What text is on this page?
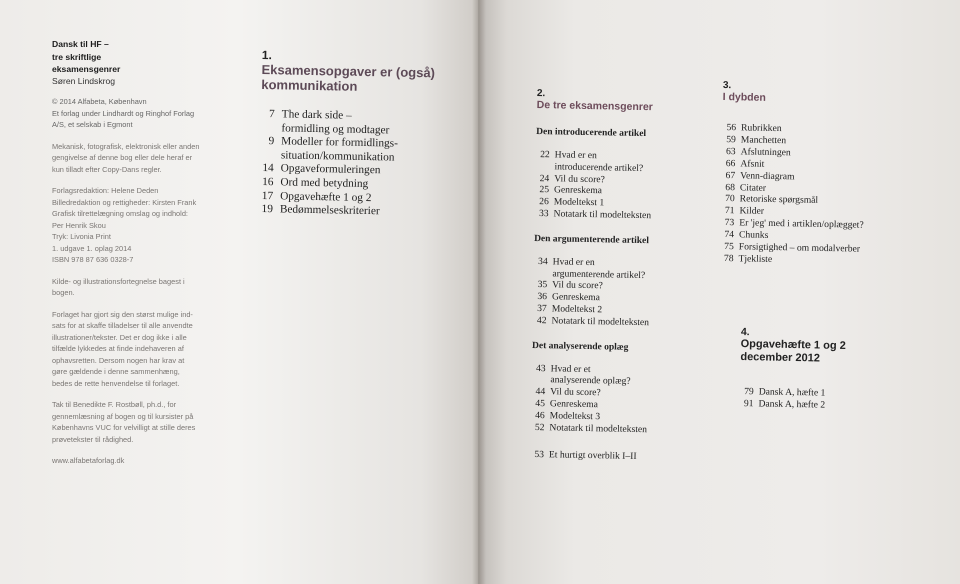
Dansk til HF –
tre skriftlige
eksamensgenrer
Søren Lindskrog

© 2014 Alfabeta, København
Et forlag under Lindhardt og Ringhof Forlag
A/S, et selskab i Egmont

Mekanisk, fotografisk, elektronisk eller anden
gengivelse af denne bog eller dele heraf er
kun tilladt efter Copy-Dans regler.

Forlagsredaktion: Helene Deden
Billedredaktion og rettigheder: Kirsten Frank
Grafisk tilrettelægning omslag og indhold:
Per Henrik Skou
Tryk: Livonia Print
1. udgave 1. oplag 2014
ISBN 978 87 636 0328-7

Kilde- og illustrationsfortegnelse bagest i
bogen.

Forlaget har gjort sig den størst mulige ind-
sats for at skaffe tilladelser til alle anvendte
illustrationer/tekster. Det er dog ikke i alle
tilfælde lykkedes at finde indehaveren af
ophavsretten. Dersom nogen har krav at
gøre gældende i denne sammenhæng,
bedes de rette henvendelse til forlaget.

Tak til Benedikte F. Rostbøll, ph.d., for
gennemlæsning af bogen og til kursister på
Københavns VUC for velvilligt at stille deres
prøvetekster til rådighed.

www.alfabetaforlag.dk

1.
Eksamensopgaver er (også)
kommunikation
7 The dark side –
formidling og modtager
9 Modeller for formidlings-
situation/kommunikation
14 Opgaveformuleringen
16 Ord med betydning
17 Opgavehæfte 1 og 2
19 Bedømmelseskriterier
2.
De tre eksamensgenrer
Den introducerende artikel
22 Hvad er en
introducerende artikel?
24 Vil du score?
25 Genreskema
26 Modeltekst 1
33 Notatark til modelteksten
Den argumenterende artikel
34 Hvad er en
argumenterende artikel?
35 Vil du score?
36 Genreskema
37 Modeltekst 2
42 Notatark til modelteksten
Det analyserende oplæg
43 Hvad er et
analyserende oplæg?
44 Vil du score?
45 Genreskema
46 Modeltekst 3
52 Notatark til modelteksten
53 Et hurtigt overblik I–II
3.
I dybden
56 Rubrikken
59 Manchetten
63 Afslutningen
66 Afsnit
67 Venn-diagram
68 Citater
70 Retoriske spørgsmål
71 Kilder
73 Er 'jeg' med i artiklen/oplægget?
74 Chunks
75 Forsigtighed – om modalverber
78 Tjekliste
4.
Opgavehæfte 1 og 2
december 2012
79 Dansk A, hæfte 1
91 Dansk A, hæfte 2
